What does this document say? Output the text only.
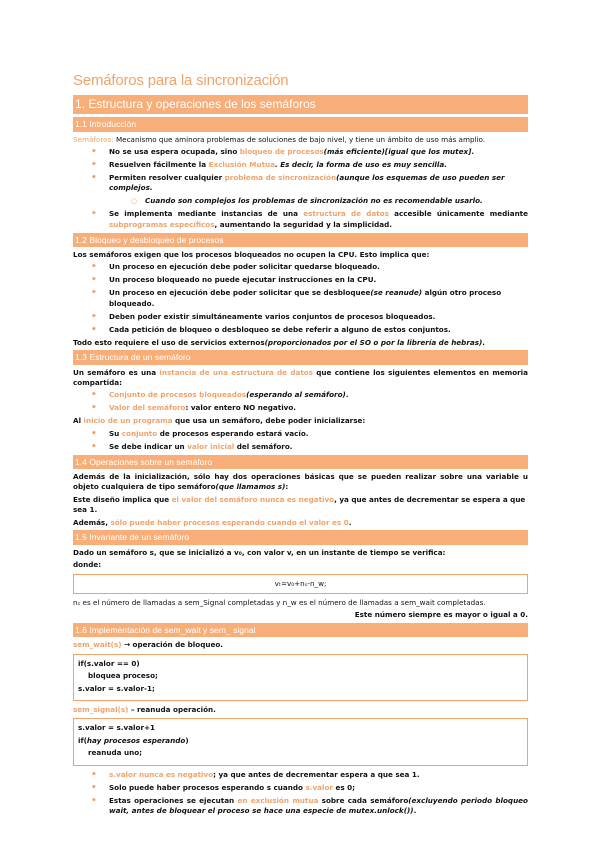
Semáforos para la sincronización
1. Estructura y operaciones de los semáforos
1.1 Introducción

Semáforos: Mecanismo que aminora problemas de soluciones de bajo nivel, y tiene un ámbito de uso más amplio.

• No se usa espera ocupada, sino bloqueo de procesos(más eficiente)[igual que los mutex].
• Resuelven fácilmente la Exclusión Mutua. Es decir, la forma de uso es muy sencilla.
• Permiten resolver cualquier problema de sincronización(aunque los esquemas de uso pueden ser complejos.
○ Cuando son complejos los problemas de sincronización no es recomendable usarlo.
• Se implementa mediante instancias de una estructura de datos accesible únicamente mediante subprogramas específicos, aumentando la seguridad y la simplicidad.
1.2 Bloqueo y desbloqueo de procesos

Los semáforos exigen que los procesos bloqueados no ocupen la CPU. Esto implica que:

• Un proceso en ejecución debe poder solicitar quedarse bloqueado.
• Un proceso bloqueado no puede ejecutar instrucciones en la CPU.
• Un proceso en ejecución debe poder solicitar que se desbloquee(se reanude) algún otro proceso bloqueado.
• Deben poder existir simultáneamente varios conjuntos de procesos bloqueados.
• Cada petición de bloqueo o desbloqueo se debe referir a alguno de estos conjuntos.

Todo esto requiere el uso de servicios externos(proporcionados por el SO o por la librería de hebras).

1.3 Estructura de un semáforo

Un semáforo es una instancia de una estructura de datos que contiene los siguientes elementos en memoria compartida:

• Conjunto de procesos bloqueados(esperando al semáforo).
• Valor del semáforo: valor entero NO negativo.

Al inicio de un programa que usa un semáforo, debe poder inicializarse:

• Su conjunto de procesos esperando estará vacío.
• Se debe indicar un valor inicial del semáforo.
1.4 Operaciones sobre un semáforo

Además de la inicialización, sólo hay dos operaciones básicas que se pueden realizar sobre una variable u objeto cualquiera de tipo semáforo(que llamamos s):

Este diseño implica que el valor del semáforo nunca es negativo, ya que antes de decrementar se espera a que sea 1.

Además, sólo puede haber procesos esperando cuando el valor es 0.

1.5 Invariante de un semáforo

Dado un semáforo s, que se inicializó a v₀, con valor v, en un instante de tiempo se verifica:

donde:

vₜ=v₀+nₛ-n_w;

nₛ es el número de llamadas a sem_Signal completadas y n_w es el número de llamadas a sem_wait completadas.

Este número siempre es mayor o igual a 0.

1.6 Implementación de sem_wait y sem_ signal

sem_wait(s) → operación de bloqueo.

if(s.valor == 0)

bloquea proceso;

s.valor = s.valor-1;

sem_signal(s) – reanuda operación.

s.valor = s.valor+1

if(hay procesos esperando)

reanuda uno;

• s.valor nunca es negativo; ya que antes de decrementar espera a que sea 1.
• Solo puede haber procesos esperando s cuando s.valor es 0;
• Estas operaciones se ejecutan en exclusión mutua sobre cada semáforo(excluyendo periodo bloqueo wait, antes de bloquear el proceso se hace una especie de mutex.unlock()).
